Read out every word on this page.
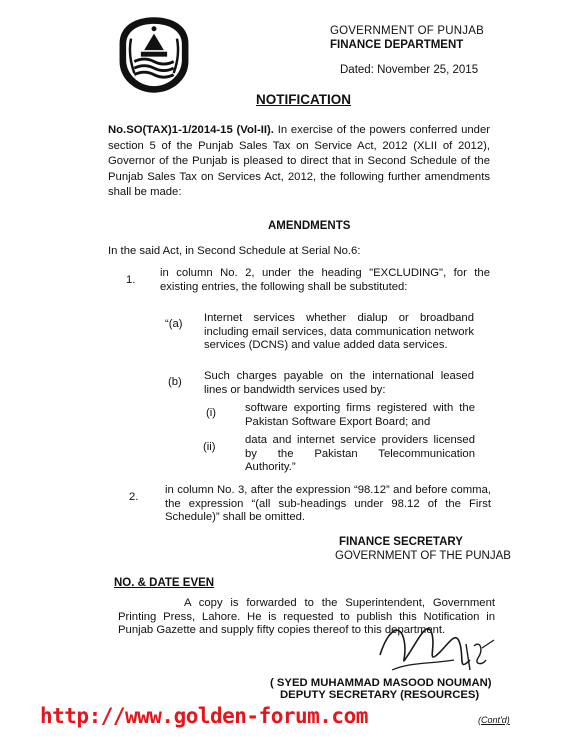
GOVERNMENT OF PUNJAB
FINANCE DEPARTMENT
Dated: November 25, 2015
NOTIFICATION
No.SO(TAX)1-1/2014-15 (Vol-II). In exercise of the powers conferred under section 5 of the Punjab Sales Tax on Service Act, 2012 (XLII of 2012), Governor of the Punjab is pleased to direct that in Second Schedule of the Punjab Sales Tax on Services Act, 2012, the following further amendments shall be made:
AMENDMENTS
In the said Act, in Second Schedule at Serial No.6:
1.
in column No. 2, under the heading "EXCLUDING", for the existing entries, the following shall be substituted:
“(a) Internet services whether dialup or broadband including email services, data communication network services (DCNS) and value added data services.
(b) Such charges payable on the international leased lines or bandwidth services used by:
(i)	software exporting firms registered with the Pakistan Software Export Board; and
(ii)
data and internet service providers licensed by the Pakistan Telecommunication Authority.”
2.
in column No. 3, after the expression “98.12” and before comma, the expression “(all sub-headings under 98.12 of the First Schedule)” shall be omitted.
FINANCE SECRETARY
GOVERNMENT OF THE PUNJAB
NO. & DATE EVEN
A copy is forwarded to the Superintendent, Government Printing Press, Lahore. He is requested to publish this Notification in Punjab Gazette and supply fifty copies thereof to this department.
( SYED MUHAMMAD MASOOD NOUMAN)
DEPUTY SECRETARY (RESOURCES)
http://www.golden-forum.com	(Cont'd)
